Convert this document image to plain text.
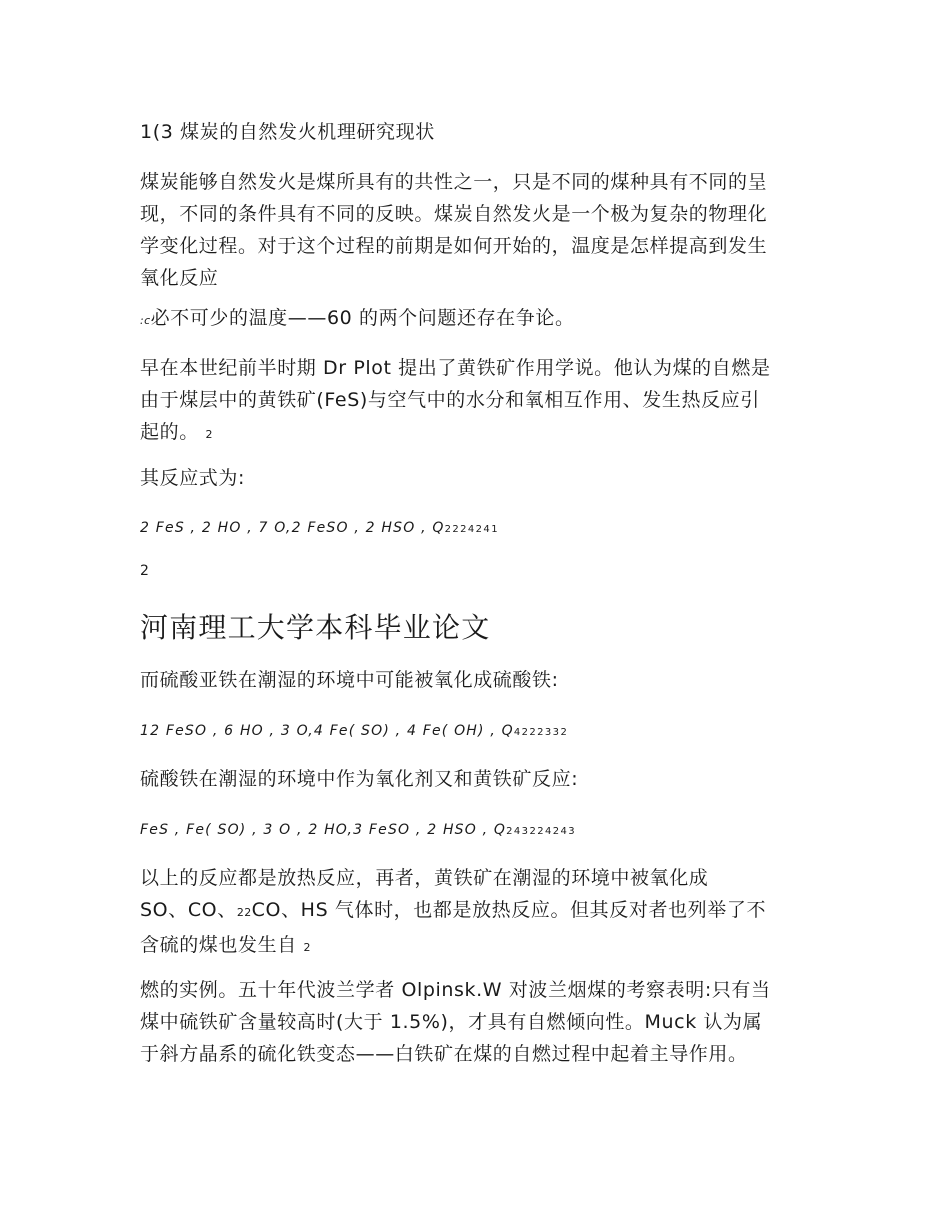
1(3 煤炭的自然发火机理研究现状
煤炭能够自然发火是煤所具有的共性之一，只是不同的煤种具有不同的呈
现，不同的条件具有不同的反映。煤炭自然发火是一个极为复杂的物理化
学变化过程。对于这个过程的前期是如何开始的，温度是怎样提高到发生
氧化反应
:c必不可少的温度——60 的两个问题还存在争论。
早在本世纪前半时期 Dr Plot 提出了黄铁矿作用学说。他认为煤的自燃是
由于煤层中的黄铁矿(FeS)与空气中的水分和氧相互作用、发生热反应引
起的。 2
其反应式为:
2 FeS , 2 HO , 7 O,2 FeSO , 2 HSO , Q2224241
2
河南理工大学本科毕业论文
而硫酸亚铁在潮湿的环境中可能被氧化成硫酸铁:
12 FeSO , 6 HO , 3 O,4 Fe( SO) , 4 Fe( OH) , Q4222332
硫酸铁在潮湿的环境中作为氧化剂又和黄铁矿反应:
FeS , Fe( SO) , 3 O , 2 HO,3 FeSO , 2 HSO , Q243224243
以上的反应都是放热反应，再者，黄铁矿在潮湿的环境中被氧化成
SO、CO、22CO、HS 气体时，也都是放热反应。但其反对者也列举了不
含硫的煤也发生自 2
燃的实例。五十年代波兰学者 Olpinsk.W 对波兰烟煤的考察表明:只有当
煤中硫铁矿含量较高时(大于 1.5%)，才具有自燃倾向性。Muck 认为属
于斜方晶系的硫化铁变态——白铁矿在煤的自燃过程中起着主导作用。
